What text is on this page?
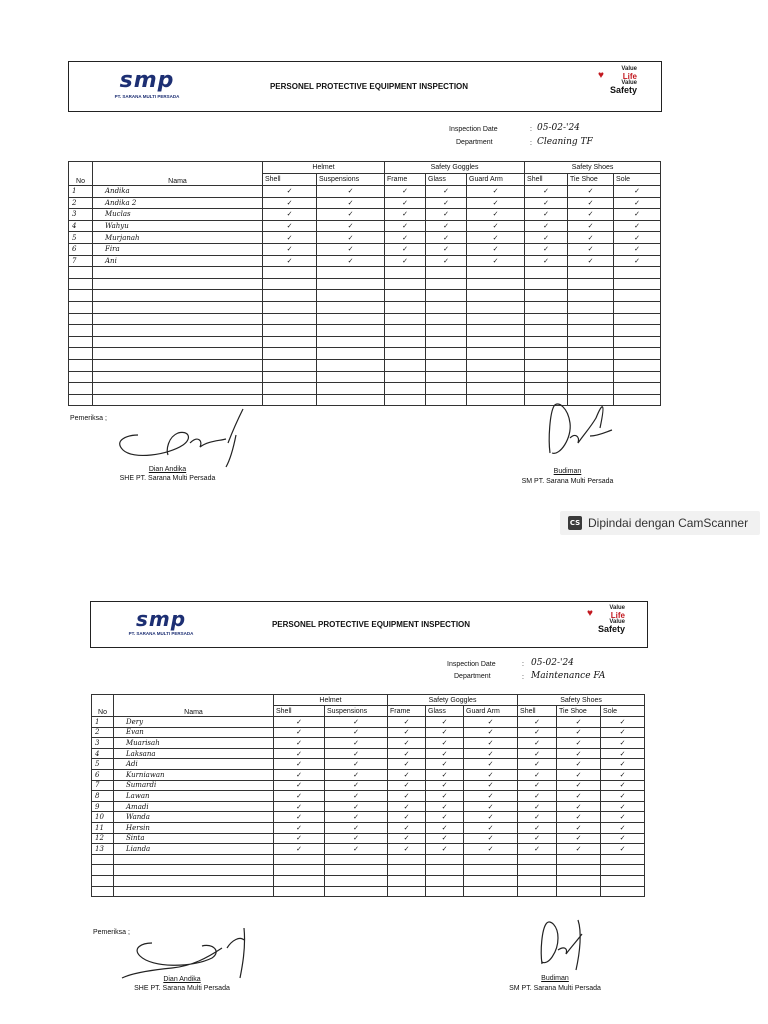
smp
PT. SARANA MULTI PERSADA
PERSONEL PROTECTIVE EQUIPMENT INSPECTION
♥
Value
Life
Value
Safety
Inspection Date	: 05-02-'24
Department	: Cleaning TF
No	Nama	Helmet		Safety Goggles			Safety Shoes		
		Shell	Suspensions	Frame	Glass	Guard Arm	Shell	Tie Shoe	Sole
1	Andika	✓	✓	✓	✓	✓	✓	✓	✓
2	Andika 2	✓	✓	✓	✓	✓	✓	✓	✓
3	Muclas	✓	✓	✓	✓	✓	✓	✓	✓
4	Wahyu	✓	✓	✓	✓	✓	✓	✓	✓
5	Murjanah	✓	✓	✓	✓	✓	✓	✓	✓
6	Fira	✓	✓	✓	✓	✓	✓	✓	✓
7	Ani	✓	✓	✓	✓	✓	✓	✓	✓

Pemeriksa ;
Dian Andika
SHE PT. Sarana Multi Persada
Budiman
SM PT. Sarana Multi Persada
CS Dipindai dengan CamScanner
smp
PT. SARANA MULTI PERSADA
PERSONEL PROTECTIVE EQUIPMENT INSPECTION
♥	Value
Life
Value
Safety
Inspection Date	: 05-02-'24
Department	: Maintenance FA
No	Nama	Helmet		Safety Goggles			Safety Shoes		
		Shell	Suspensions	Frame	Glass	Guard Arm	Shell	Tie Shoe	Sole
1	Dery	✓	✓	✓	✓	✓	✓	✓	✓
2	Evan	✓	✓	✓	✓	✓	✓	✓	✓
3	Muarisah	✓	✓	✓	✓	✓	✓	✓	✓
4	Laksana	✓	✓	✓	✓	✓	✓	✓	✓
5	Adi	✓	✓	✓	✓	✓	✓	✓	✓
6	Kurniawan	✓	✓	✓	✓	✓	✓	✓	✓
7	Sumardi	✓	✓	✓	✓	✓	✓	✓	✓
8	Lawan	✓	✓	✓	✓	✓	✓	✓	✓
9	Amadi	✓	✓	✓	✓	✓	✓	✓	✓
10	Wanda	✓	✓	✓	✓	✓	✓	✓	✓
11	Hersin	✓	✓	✓	✓	✓	✓	✓	✓
12	Sinta	✓	✓	✓	✓	✓	✓	✓	✓
13	Lianda	✓	✓	✓	✓	✓	✓	✓	✓

Pemeriksa ;
Dian Andika
SHE PT. Sarana Multi Persada
Budiman
SM PT. Sarana Multi Persada
